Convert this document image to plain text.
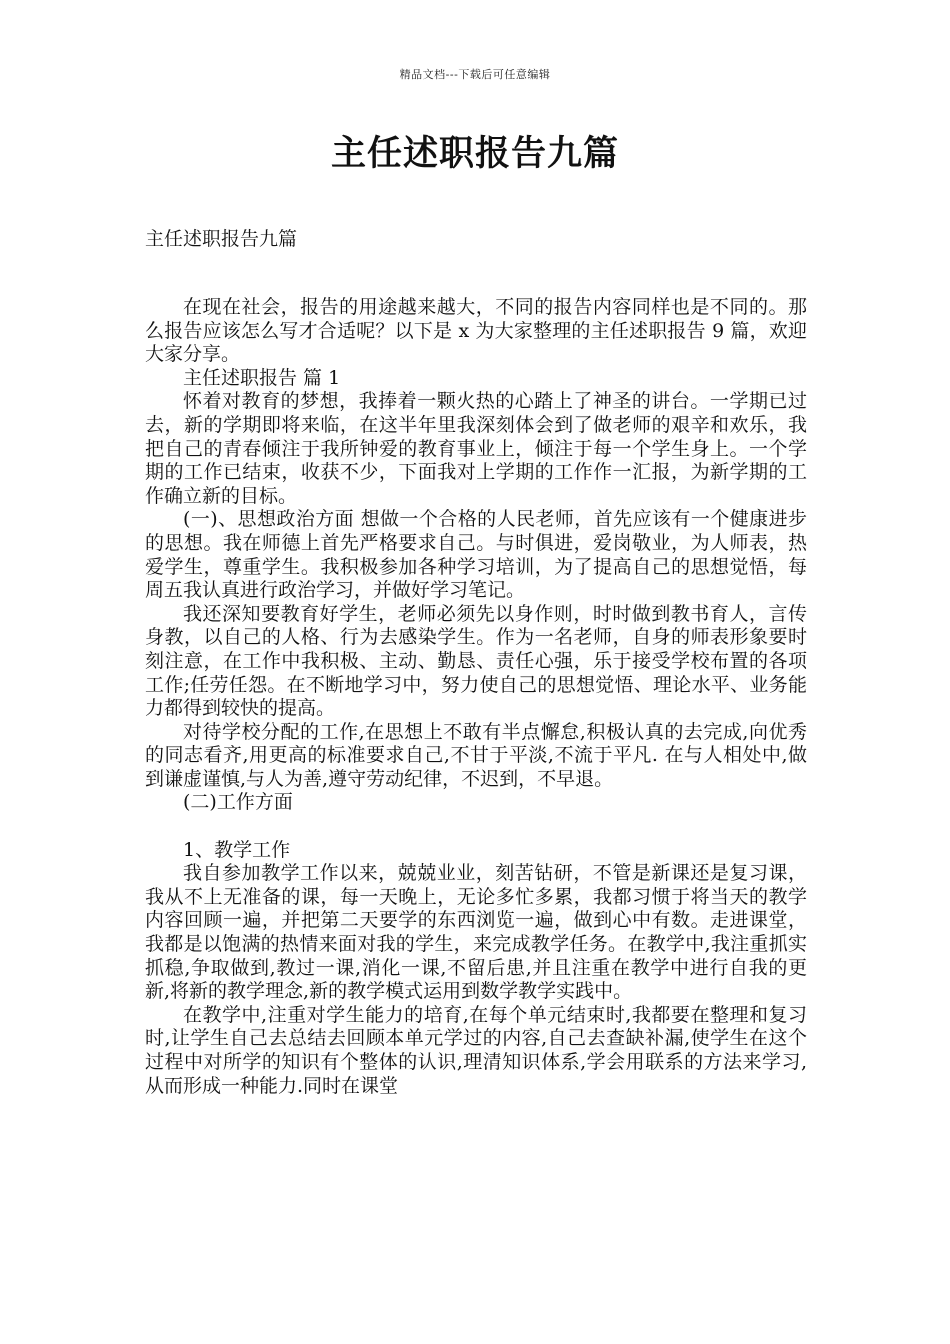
精品文档---下载后可任意编辑
主任述职报告九篇
主任述职报告九篇

在现在社会，报告的用途越来越大，不同的报告内容同样也是不同的。那么报告应该怎么写才合适呢？以下是 x 为大家整理的主任述职报告 9 篇，欢迎大家分享。

主任述职报告 篇 1

怀着对教育的梦想，我捧着一颗火热的心踏上了神圣的讲台。一学期已过去，新的学期即将来临，在这半年里我深刻体会到了做老师的艰辛和欢乐，我把自己的青春倾注于我所钟爱的教育事业上，倾注于每一个学生身上。一个学期的工作已结束，收获不少，下面我对上学期的工作作一汇报，为新学期的工作确立新的目标。

(一)、思想政治方面 想做一个合格的人民老师，首先应该有一个健康进步的思想。我在师德上首先严格要求自己。与时俱进，爱岗敬业，为人师表，热爱学生，尊重学生。我积极参加各种学习培训，为了提高自己的思想觉悟，每周五我认真进行政治学习，并做好学习笔记。

我还深知要教育好学生，老师必须先以身作则，时时做到教书育人，言传身教，以自己的人格、行为去感染学生。作为一名老师，自身的师表形象要时刻注意，在工作中我积极、主动、勤恳、责任心强，乐于接受学校布置的各项工作;任劳任怨。在不断地学习中，努力使自己的思想觉悟、理论水平、业务能力都得到较快的提高。

对待学校分配的工作,在思想上不敢有半点懈怠,积极认真的去完成,向优秀的同志看齐,用更高的标准要求自己,不甘于平淡,不流于平凡. 在与人相处中,做到谦虚谨慎,与人为善,遵守劳动纪律，不迟到，不早退。

(二)工作方面

1、教学工作

我自参加教学工作以来，兢兢业业，刻苦钻研，不管是新课还是复习课，我从不上无准备的课，每一天晚上，无论多忙多累，我都习惯于将当天的教学内容回顾一遍，并把第二天要学的东西浏览一遍，做到心中有数。走进课堂，我都是以饱满的热情来面对我的学生，来完成教学任务。在教学中,我注重抓实抓稳,争取做到,教过一课,消化一课,不留后患,并且注重在教学中进行自我的更新,将新的教学理念,新的教学模式运用到数学教学实践中。

在教学中,注重对学生能力的培育,在每个单元结束时,我都要在整理和复习时,让学生自己去总结去回顾本单元学过的内容,自己去查缺补漏,使学生在这个过程中对所学的知识有个整体的认识,理清知识体系,学会用联系的方法来学习,从而形成一种能力.同时在课堂
